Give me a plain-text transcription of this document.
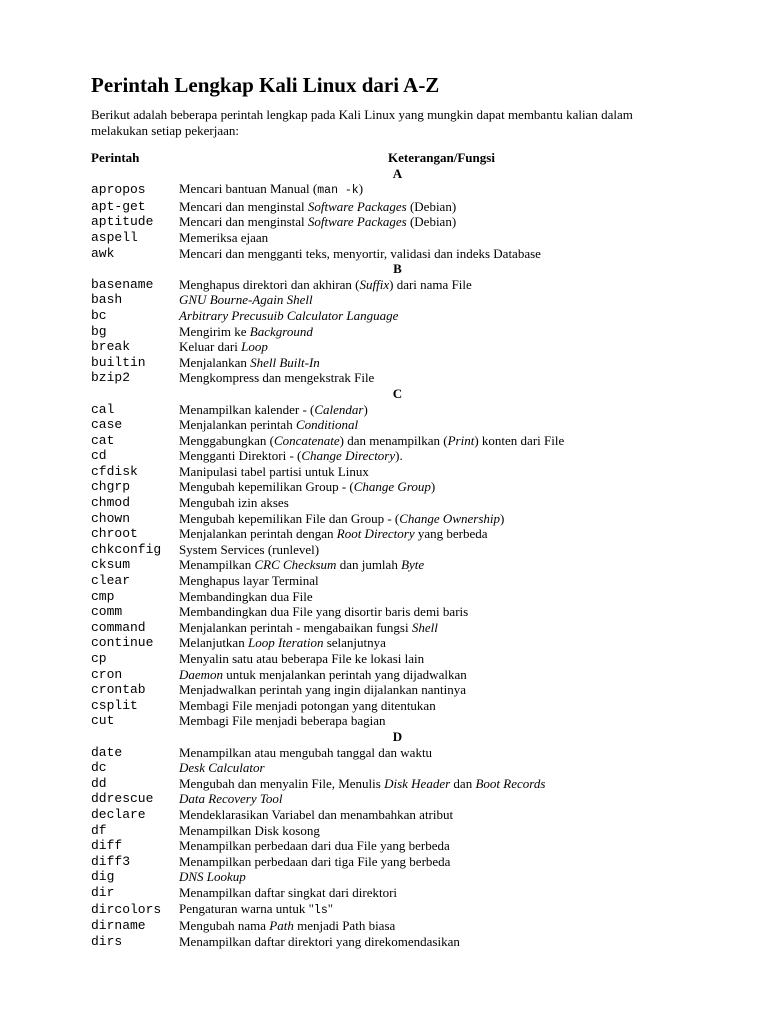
Perintah Lengkap Kali Linux dari A-Z

Berikut adalah beberapa perintah lengkap pada Kali Linux yang mungkin dapat membantu kalian dalam melakukan setiap pekerjaan:

Perintah	Keterangan/Fungsi
A	
apropos	Mencari bantuan Manual (man -k)
apt-get	Mencari dan menginstal Software Packages (Debian)
aptitude	Mencari dan menginstal Software Packages (Debian)
aspell	Memeriksa ejaan
awk	Mencari dan mengganti teks, menyortir, validasi dan indeks Database
B	
basename	Menghapus direktori dan akhiran (Suffix) dari nama File
bash	GNU Bourne-Again Shell
bc	Arbitrary Precusuib Calculator Language
bg	Mengirim ke Background
break	Keluar dari Loop
builtin	Menjalankan Shell Built-In
bzip2	Mengkompress dan mengekstrak File
C	
cal	Menampilkan kalender - (Calendar)
case	Menjalankan perintah Conditional
cat	Menggabungkan (Concatenate) dan menampilkan (Print) konten dari File
cd	Mengganti Direktori - (Change Directory).
cfdisk	Manipulasi tabel partisi untuk Linux
chgrp	Mengubah kepemilikan Group - (Change Group)
chmod	Mengubah izin akses
chown	Mengubah kepemilikan File dan Group - (Change Ownership)
chroot	Menjalankan perintah dengan Root Directory yang berbeda
chkconfig	System Services (runlevel)
cksum	Menampilkan CRC Checksum dan jumlah Byte
clear	Menghapus layar Terminal
cmp	Membandingkan dua File
comm	Membandingkan dua File yang disortir baris demi baris
command	Menjalankan perintah - mengabaikan fungsi Shell
continue	Melanjutkan Loop Iteration selanjutnya
cp	Menyalin satu atau beberapa File ke lokasi lain
cron	Daemon untuk menjalankan perintah yang dijadwalkan
crontab	Menjadwalkan perintah yang ingin dijalankan nantinya
csplit	Membagi File menjadi potongan yang ditentukan
cut	Membagi File menjadi beberapa bagian
D	
date	Menampilkan atau mengubah tanggal dan waktu
dc	Desk Calculator
dd	Mengubah dan menyalin File, Menulis Disk Header dan Boot Records
ddrescue	Data Recovery Tool
declare	Mendeklarasikan Variabel dan menambahkan atribut
df	Menampilkan Disk kosong
diff	Menampilkan perbedaan dari dua File yang berbeda
diff3	Menampilkan perbedaan dari tiga File yang berbeda
dig	DNS Lookup
dir	Menampilkan daftar singkat dari direktori
dircolors	Pengaturan warna untuk "ls"
dirname	Mengubah nama Path menjadi Path biasa
dirs	Menampilkan daftar direktori yang direkomendasikan
